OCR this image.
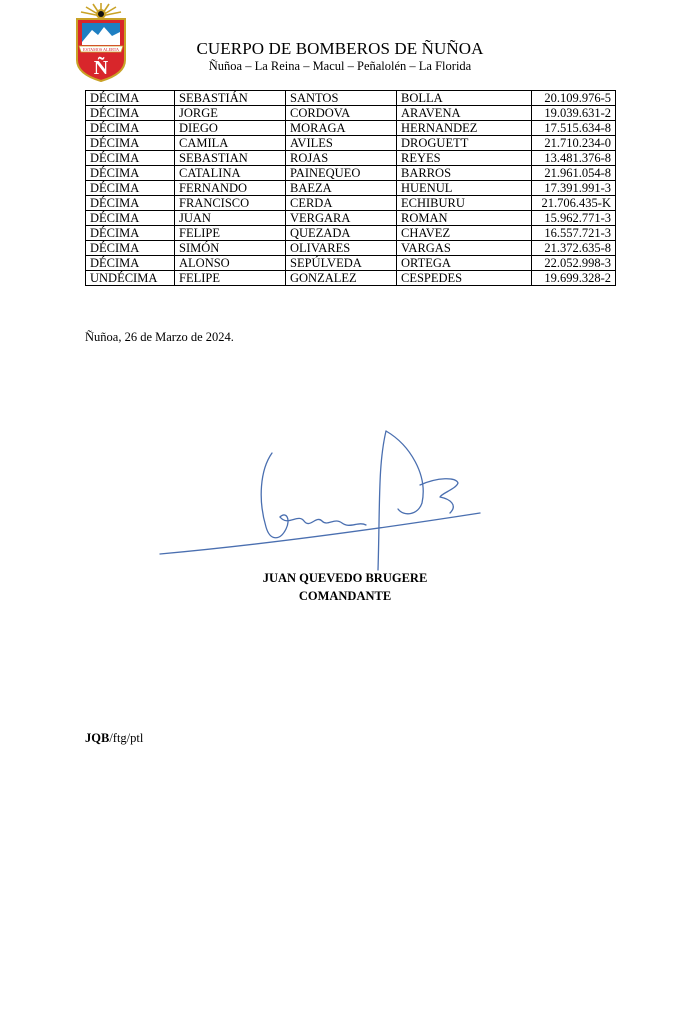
ESTAMOS ALERTA
Ñ
CUERPO DE BOMBEROS DE ÑUÑOA
Ñuñoa – La Reina – Macul – Peñalolén – La Florida
DÉCIMA	SEBASTIÁN	SANTOS	BOLLA	20.109.976-5
DÉCIMA	JORGE	CORDOVA	ARAVENA	19.039.631-2
DÉCIMA	DIEGO	MORAGA	HERNANDEZ	17.515.634-8
DÉCIMA	CAMILA	AVILES	DROGUETT	21.710.234-0
DÉCIMA	SEBASTIAN	ROJAS	REYES	13.481.376-8
DÉCIMA	CATALINA	PAINEQUEO	BARROS	21.961.054-8
DÉCIMA	FERNANDO	BAEZA	HUENUL	17.391.991-3
DÉCIMA	FRANCISCO	CERDA	ECHIBURU	21.706.435-K
DÉCIMA	JUAN	VERGARA	ROMAN	15.962.771-3
DÉCIMA	FELIPE	QUEZADA	CHAVEZ	16.557.721-3
DÉCIMA	SIMÓN	OLIVARES	VARGAS	21.372.635-8
DÉCIMA	ALONSO	SEPÚLVEDA	ORTEGA	22.052.998-3
UNDÉCIMA	FELIPE	GONZALEZ	CESPEDES	19.699.328-2
Ñuñoa, 26 de Marzo de 2024.
JUAN QUEVEDO BRUGERE
COMANDANTE
JQB/ftg/ptl
